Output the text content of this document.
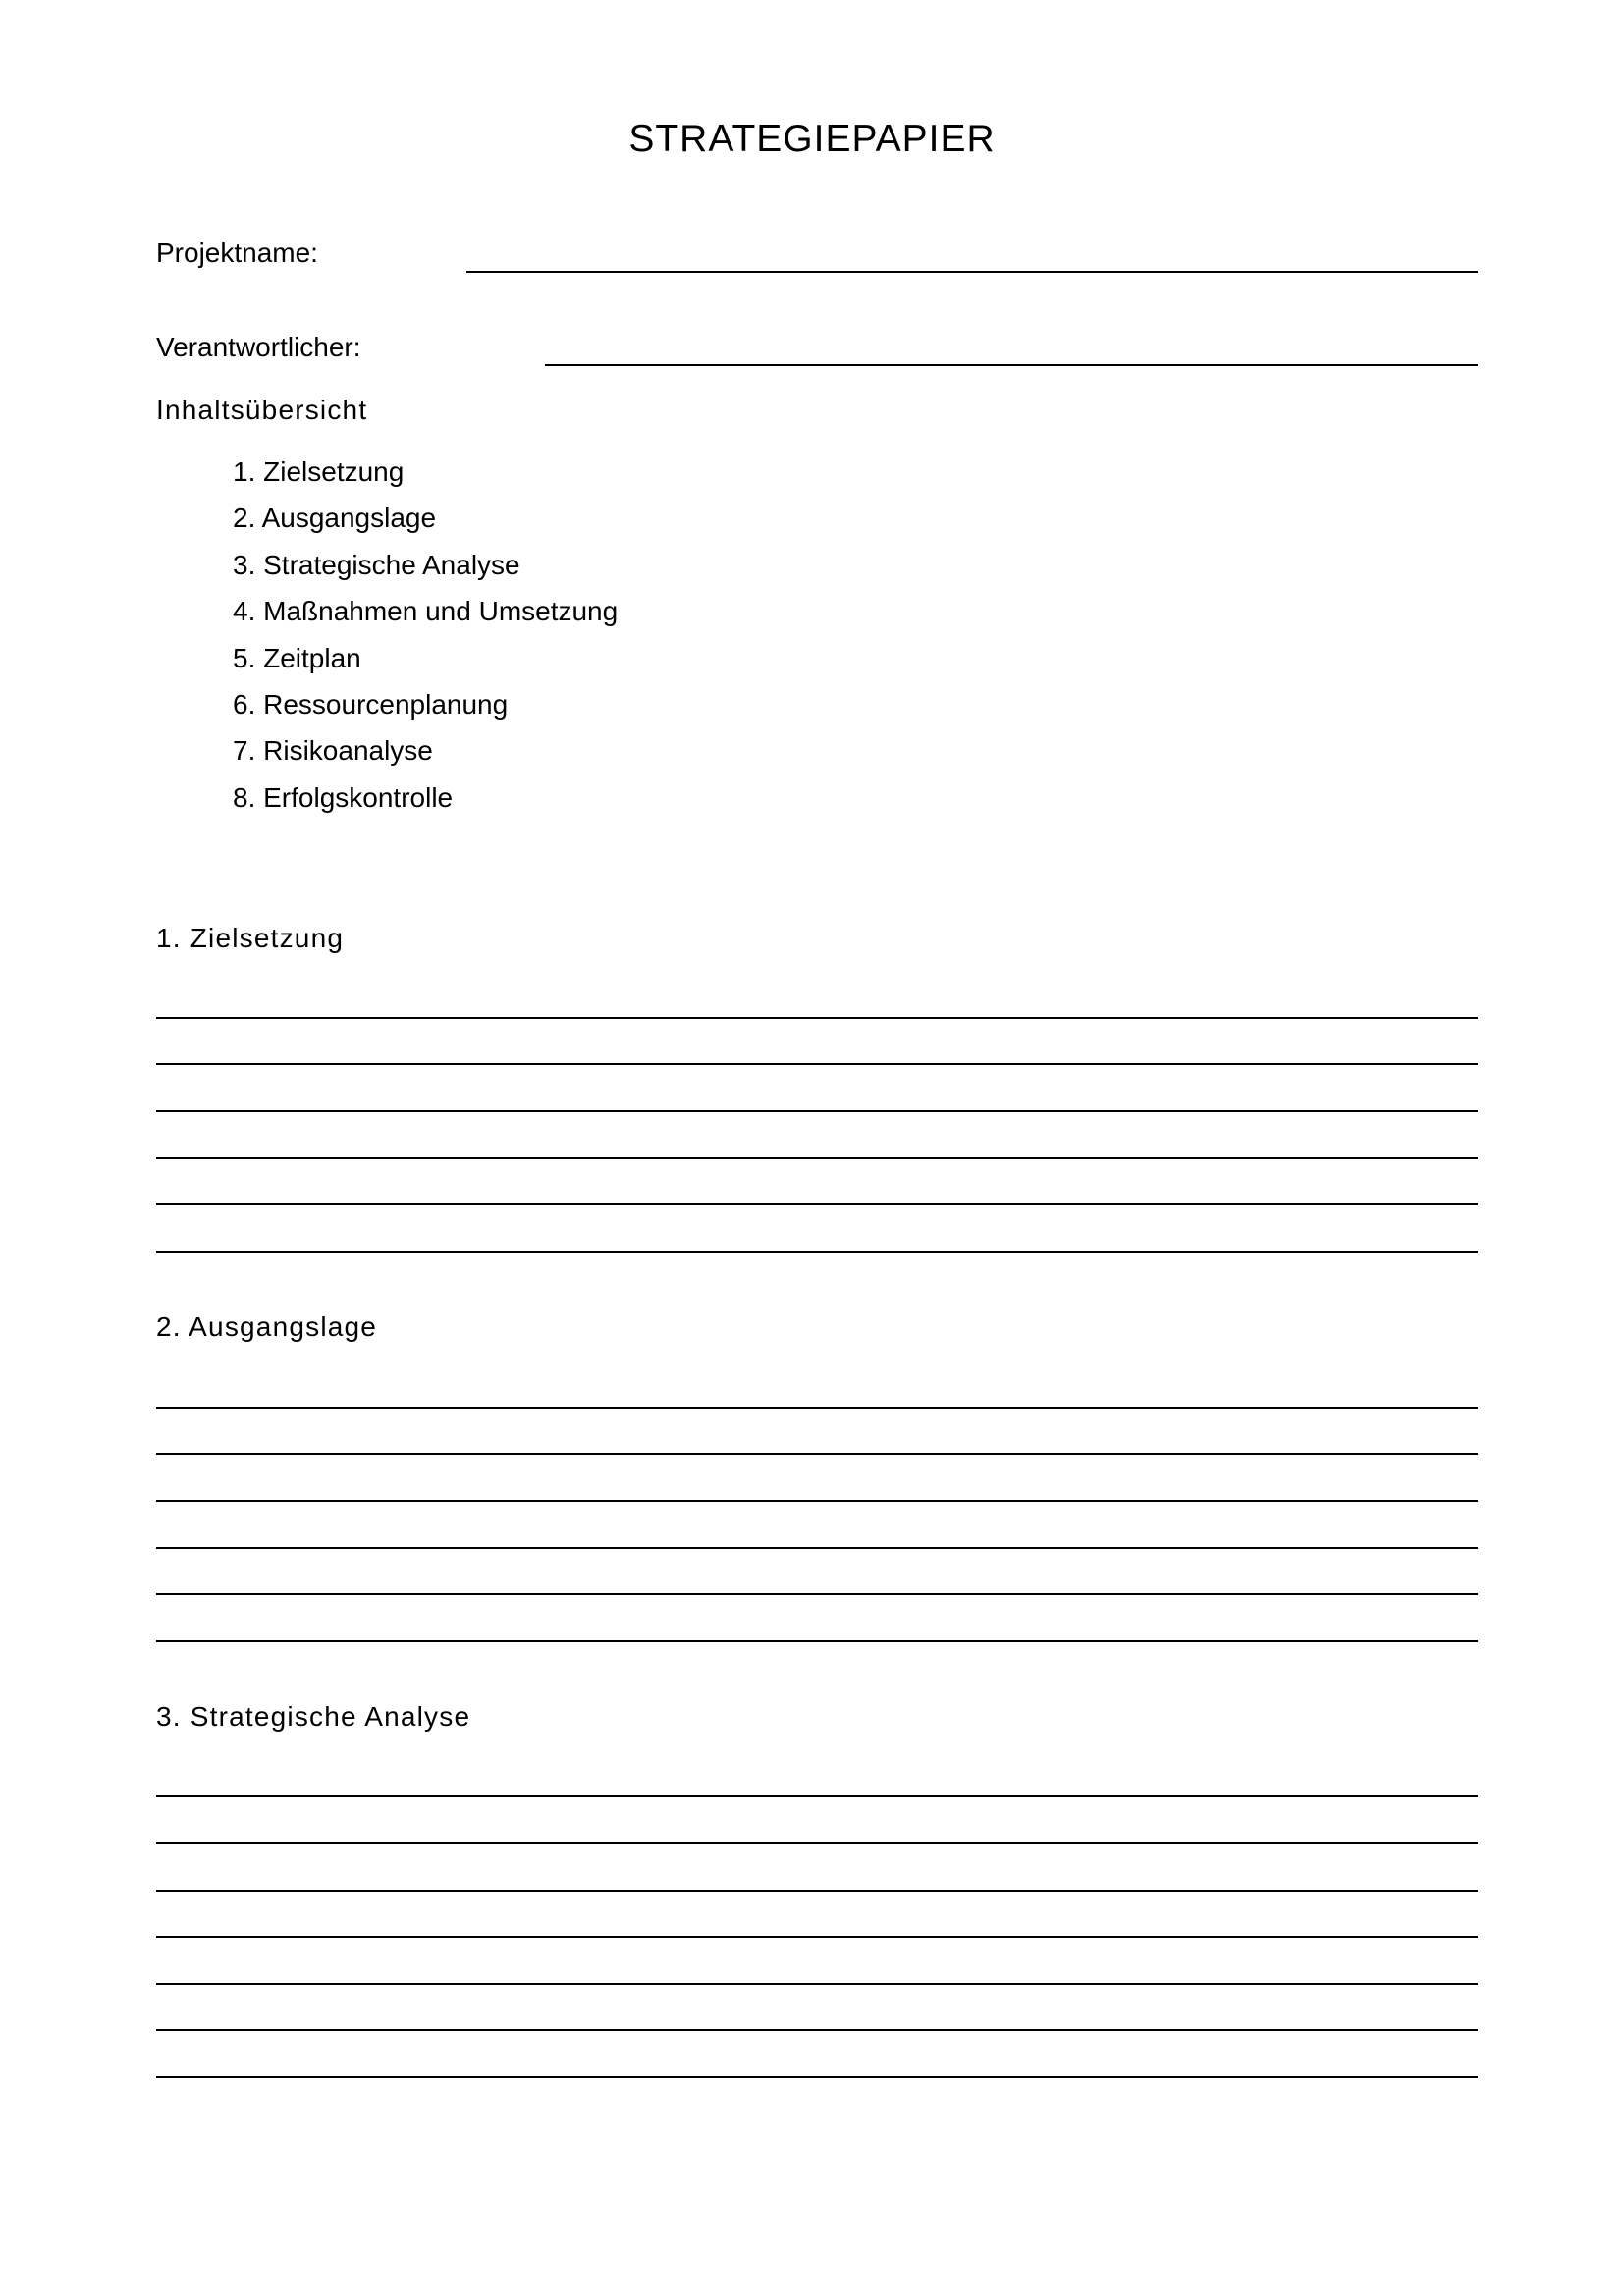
STRATEGIEPAPIER
Projektname:
Verantwortlicher:
Inhaltsübersicht
1. Zielsetzung
2. Ausgangslage
3. Strategische Analyse
4. Maßnahmen und Umsetzung
5. Zeitplan
6. Ressourcenplanung
7. Risikoanalyse
8. Erfolgskontrolle
1. Zielsetzung
2. Ausgangslage
3. Strategische Analyse
